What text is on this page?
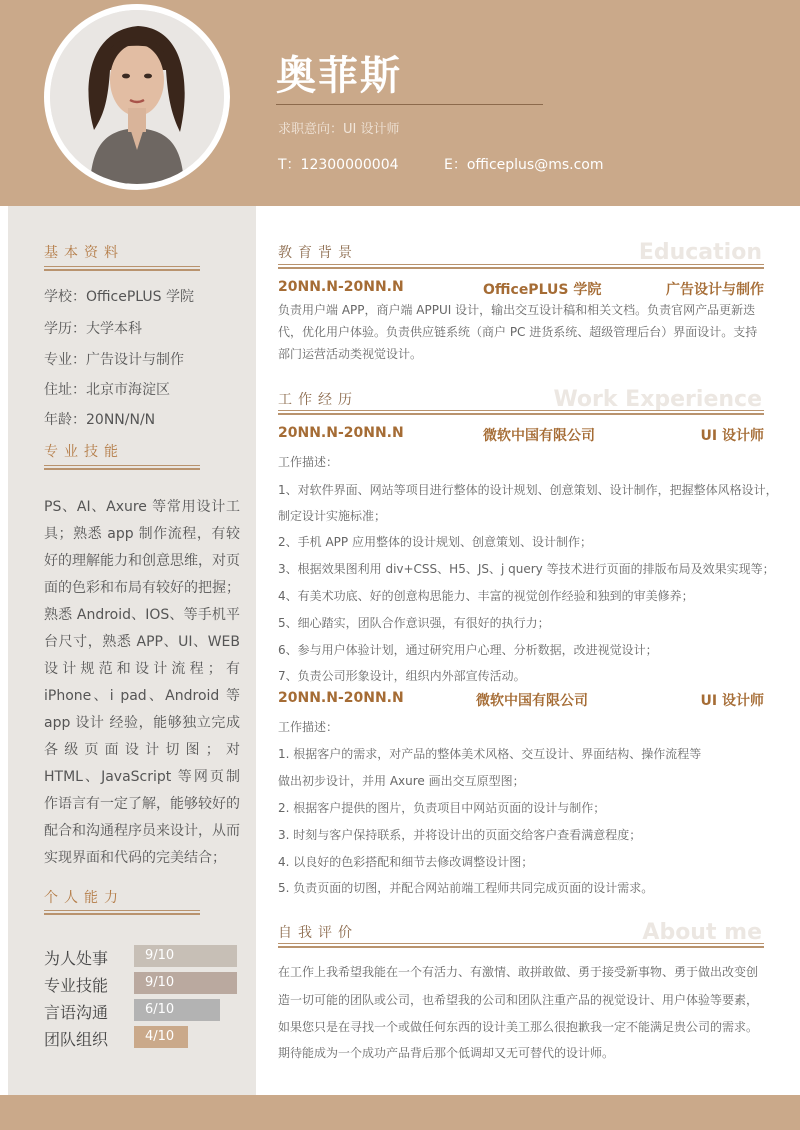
奥菲斯
求职意向：UI 设计师
T：12300000004	E：officeplus@ms.com
基本资料
学校：OfficePLUS 学院
学历：大学本科
专业：广告设计与制作
住址：北京市海淀区
年龄：20NN/N/N
专业技能
PS、AI、Axure 等常用设计工具；熟悉 app 制作流程，有较好的理解能力和创意思维，对页面的色彩和布局有较好的把握；熟悉 Android、IOS、等手机平台尺寸，熟悉 APP、UI、WEB设计规范和设计流程；有 iPhone、i pad、Android 等 app 设计 经验，能够独立完成各级页面设计切图；对 HTML、JavaScript 等网页制作语言有一定了解，能够较好的配合和沟通程序员来设计，从而实现界面和代码的完美结合；
个人能力
为人处事	9/10
专业技能	9/10
言语沟通	6/10
团队组织	4/10
教育背景	Education
20NN.N-20NN.N	OfficePLUS 学院	广告设计与制作
负责用户端 APP，商户端 APPUI 设计，输出交互设计稿和相关文档。负责官网产品更新迭代，优化用户体验。负责供应链系统（商户 PC 进货系统、超级管理后台）界面设计。支持部门运营活动类视觉设计。
工作经历	Work Experience
20NN.N-20NN.N	微软中国有限公司	UI 设计师
工作描述：
1、对软件界面、网站等项目进行整体的设计规划、创意策划、设计制作，把握整体风格设计，
制定设计实施标准；
2、手机 APP 应用整体的设计规划、创意策划、设计制作；
3、根据效果图利用 div+CSS、H5、JS、j query 等技术进行页面的排版布局及效果实现等；
4、有美术功底、好的创意构思能力、丰富的视觉创作经验和独到的审美修养；
5、细心踏实，团队合作意识强，有很好的执行力；
6、参与用户体验计划，通过研究用户心理、分析数据，改进视觉设计；
7、负责公司形象设计，组织内外部宣传活动。
20NN.N-20NN.N	微软中国有限公司	UI 设计师
工作描述：
1. 根据客户的需求，对产品的整体美术风格、交互设计、界面结构、操作流程等
做出初步设计，并用 Axure 画出交互原型图；
2. 根据客户提供的图片，负责项目中网站页面的设计与制作；
3. 时刻与客户保持联系，并将设计出的页面交给客户查看满意程度；
4. 以良好的色彩搭配和细节去修改调整设计图；
5. 负责页面的切图，并配合网站前端工程师共同完成页面的设计需求。
自我评价	About me
在工作上我希望我能在一个有活力、有激情、敢拼敢做、勇于接受新事物、勇于做出改变创
造一切可能的团队或公司，也希望我的公司和团队注重产品的视觉设计、用户体验等要素，
如果您只是在寻找一个或做任何东西的设计美工那么很抱歉我一定不能满足贵公司的需求。
期待能成为一个成功产品背后那个低调却又无可替代的设计师。
